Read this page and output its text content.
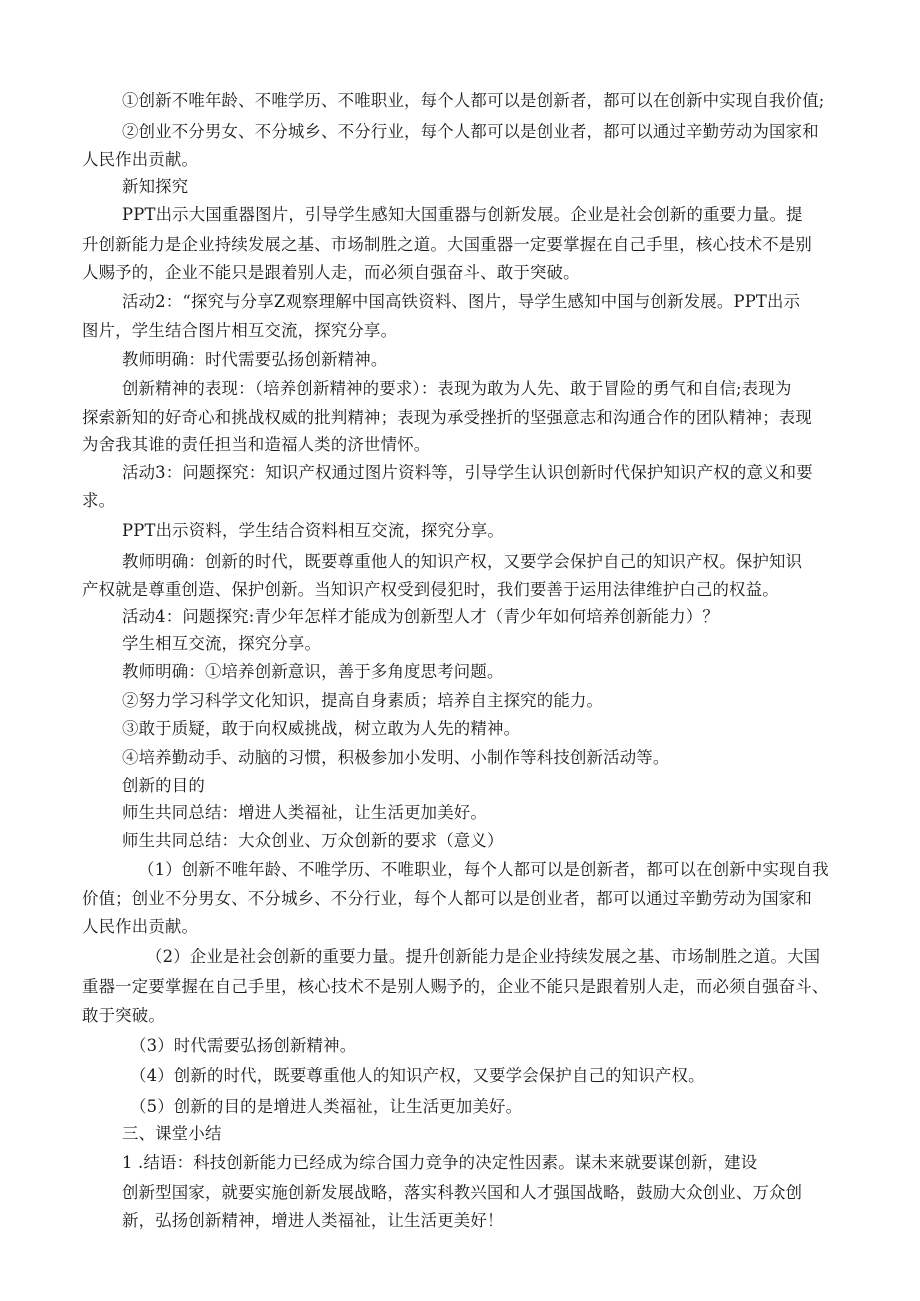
①创新不唯年龄、不唯学历、不唯职业，每个人都可以是创新者，都可以在创新中实现自我价值;
②创业不分男女、不分城乡、不分行业，每个人都可以是创业者，都可以通过辛勤劳动为国家和
人民作出贡献。
新知探究
PPT出示大国重器图片，引导学生感知大国重器与创新发展。企业是社会创新的重要力量。提
升创新能力是企业持续发展之基、市场制胜之道。大国重器一定要掌握在自己手里，核心技术不是别
人赐予的，企业不能只是跟着别人走，而必须自强奋斗、敢于突破。
活动2：“探究与分享Z观察理解中国高铁资料、图片，导学生感知中国与创新发展。PPT出示
图片，学生结合图片相互交流，探究分享。
教师明确：时代需要弘扬创新精神。
创新精神的表现：（培养创新精神的要求）：表现为敢为人先、敢于冒险的勇气和自信;表现为
探索新知的好奇心和挑战权威的批判精神；表现为承受挫折的坚强意志和沟通合作的团队精神；表现
为舍我其谁的责任担当和造福人类的济世情怀。
活动3：问题探究：知识产权通过图片资料等，引导学生认识创新时代保护知识产权的意义和要
求。
PPT出示资料，学生结合资料相互交流，探究分享。
教师明确：创新的时代，既要尊重他人的知识产权，又要学会保护自己的知识产权。保护知识
产权就是尊重创造、保护创新。当知识产权受到侵犯时，我们要善于运用法律维护白己的权益。
活动4：问题探究:青少年怎样才能成为创新型人才（青少年如何培养创新能力）？
学生相互交流，探究分享。
教师明确：①培养创新意识，善于多角度思考问题。
②努力学习科学文化知识，提高自身素质；培养自主探究的能力。
③敢于质疑，敢于向权威挑战，树立敢为人先的精神。
④培养勤动手、动脑的习惯，积极参加小发明、小制作等科技创新活动等。
创新的目的
师生共同总结：增进人类福祉，让生活更加美好。
师生共同总结：大众创业、万众创新的要求（意义）
（1）创新不唯年龄、不唯学历、不唯职业，每个人都可以是创新者，都可以在创新中实现自我
价值；创业不分男女、不分城乡、不分行业，每个人都可以是创业者，都可以通过辛勤劳动为国家和
人民作出贡献。
（2）企业是社会创新的重要力量。提升创新能力是企业持续发展之基、市场制胜之道。大国
重器一定要掌握在自己手里，核心技术不是别人赐予的，企业不能只是跟着别人走，而必须自强奋斗、
敢于突破。
（3）时代需要弘扬创新精神。
（4）创新的时代，既要尊重他人的知识产权，又要学会保护自己的知识产权。
（5）创新的目的是增进人类福祉，让生活更加美好。
三、课堂小结
1 .结语：科技创新能力已经成为综合国力竞争的决定性因素。谋未来就要谋创新，建设
创新型国家，就要实施创新发展战略，落实科教兴国和人才强国战略，鼓励大众创业、万众创
新，弘扬创新精神，增进人类福祉，让生活更美好！
